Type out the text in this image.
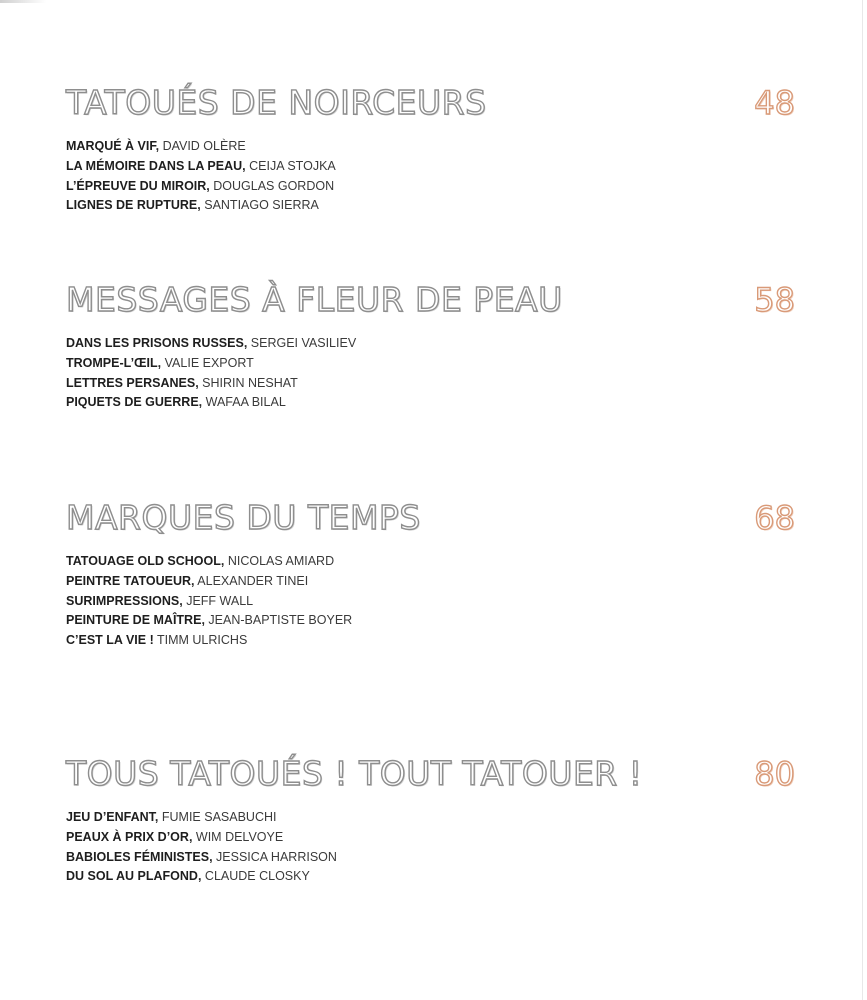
TATOUÉS DE NOIRCEURS	48
MARQUÉ À VIF, DAVID OLÈRE
LA MÉMOIRE DANS LA PEAU, CEIJA STOJKA
L’ÉPREUVE DU MIROIR, DOUGLAS GORDON
LIGNES DE RUPTURE, SANTIAGO SIERRA
MESSAGES À FLEUR DE PEAU	58
DANS LES PRISONS RUSSES, SERGEI VASILIEV
TROMPE-L’ŒIL, VALIE EXPORT
LETTRES PERSANES, SHIRIN NESHAT
PIQUETS DE GUERRE, WAFAA BILAL
MARQUES DU TEMPS	68
TATOUAGE OLD SCHOOL, NICOLAS AMIARD
PEINTRE TATOUEUR, ALEXANDER TINEI
SURIMPRESSIONS, JEFF WALL
PEINTURE DE MAÎTRE, JEAN-BAPTISTE BOYER
C’EST LA VIE ! TIMM ULRICHS
TOUS TATOUÉS ! TOUT TATOUER !	80
JEU D’ENFANT, FUMIE SASABUCHI
PEAUX À PRIX D’OR, WIM DELVOYE
BABIOLES FÉMINISTES, JESSICA HARRISON
DU SOL AU PLAFOND, CLAUDE CLOSKY
